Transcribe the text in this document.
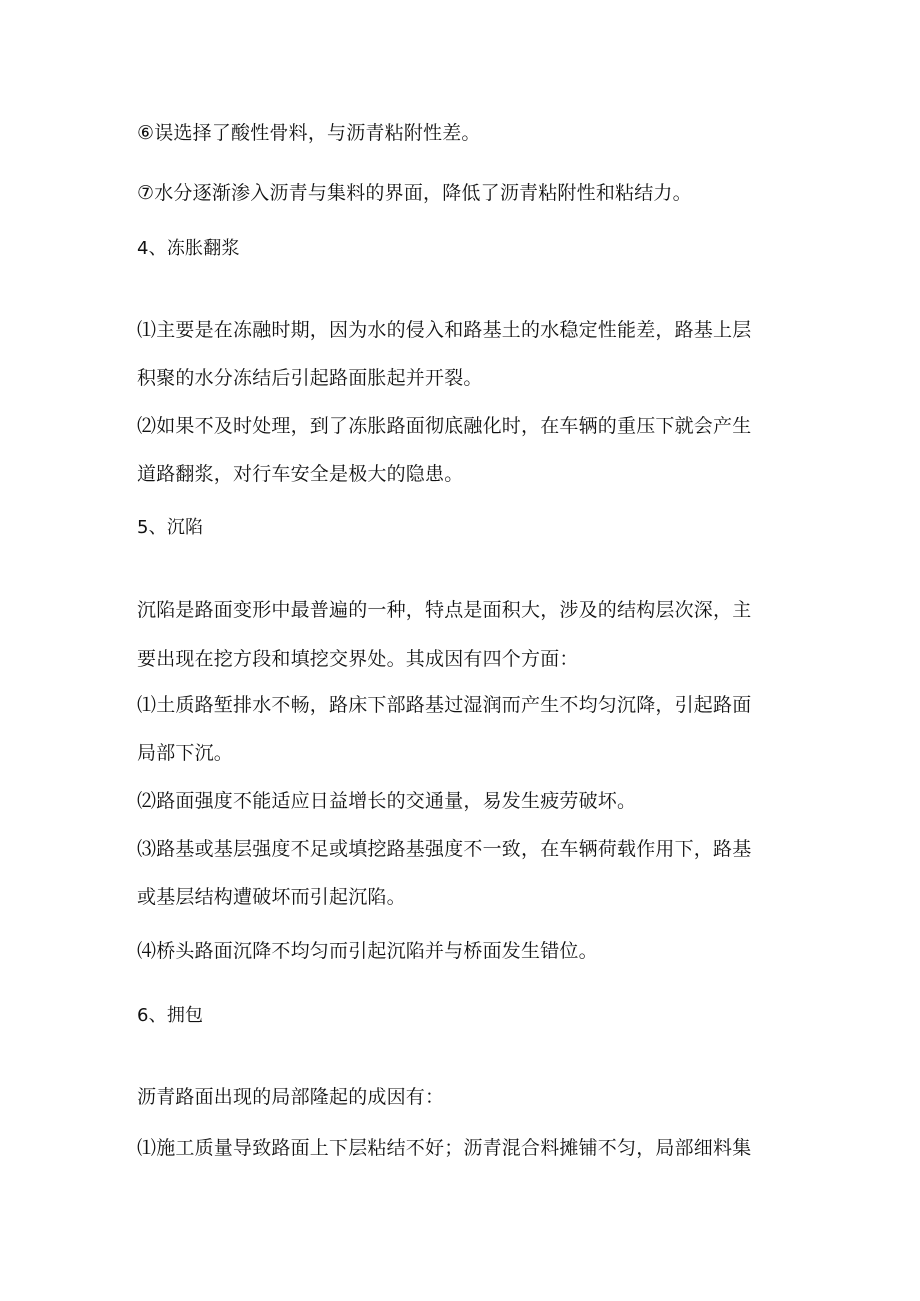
⑥误选择了酸性骨料，与沥青粘附性差。
⑦水分逐渐渗入沥青与集料的界面，降低了沥青粘附性和粘结力。
4、冻胀翻浆
⑴主要是在冻融时期，因为水的侵入和路基土的水稳定性能差，路基上层
积聚的水分冻结后引起路面胀起并开裂。
⑵如果不及时处理，到了冻胀路面彻底融化时，在车辆的重压下就会产生
道路翻浆，对行车安全是极大的隐患。
5、沉陷
沉陷是路面变形中最普遍的一种，特点是面积大，涉及的结构层次深，主
要出现在挖方段和填挖交界处。其成因有四个方面：
⑴土质路堑排水不畅，路床下部路基过湿润而产生不均匀沉降，引起路面
局部下沉。
⑵路面强度不能适应日益增长的交通量，易发生疲劳破坏。
⑶路基或基层强度不足或填挖路基强度不一致，在车辆荷载作用下，路基
或基层结构遭破坏而引起沉陷。
⑷桥头路面沉降不均匀而引起沉陷并与桥面发生错位。
6、拥包
沥青路面出现的局部隆起的成因有：
⑴施工质量导致路面上下层粘结不好；沥青混合料摊铺不匀，局部细料集
